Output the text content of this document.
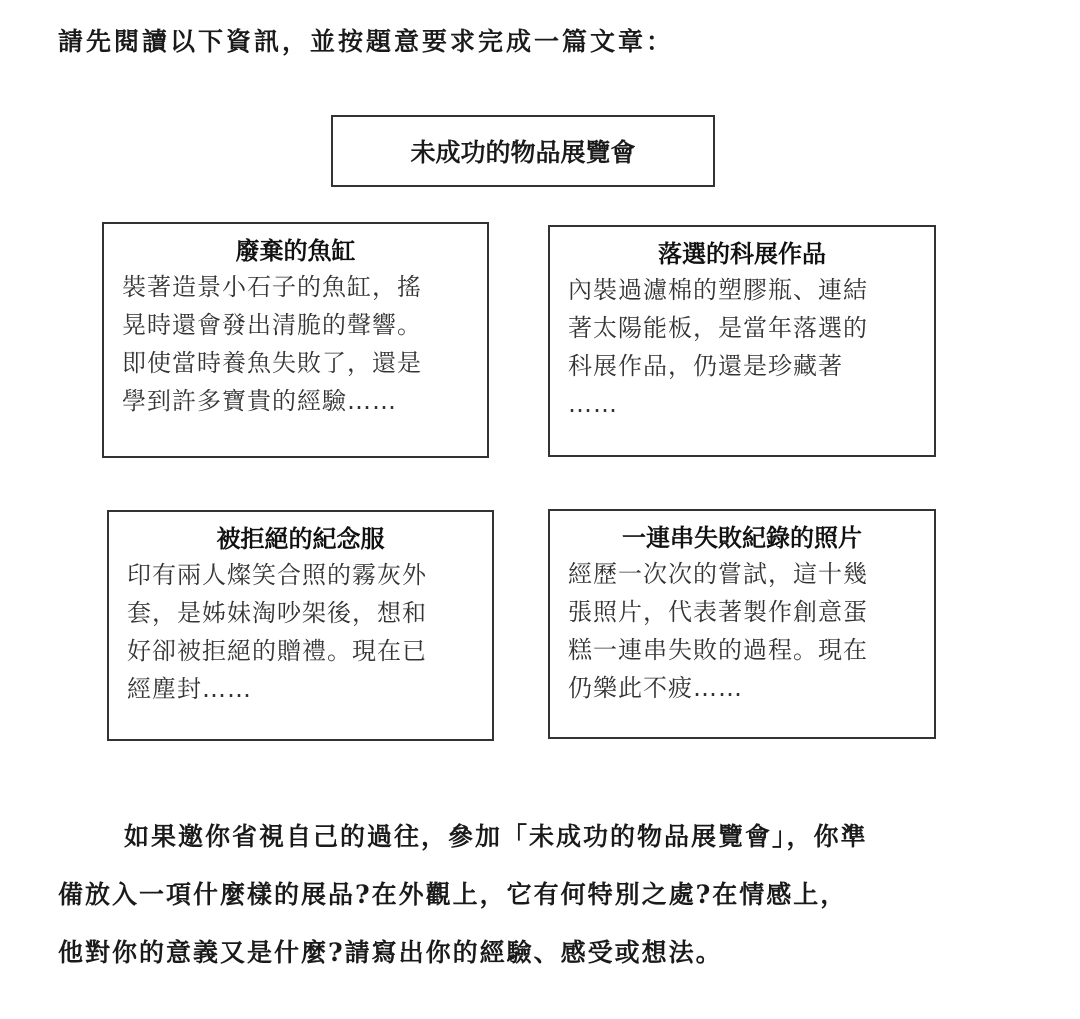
請先閱讀以下資訊，並按題意要求完成一篇文章：
未成功的物品展覽會
廢棄的魚缸
裝著造景小石子的魚缸，搖
晃時還會發出清脆的聲響。
即使當時養魚失敗了，還是
學到許多寶貴的經驗……
落選的科展作品
內裝過濾棉的塑膠瓶、連結
著太陽能板，是當年落選的
科展作品，仍還是珍藏著
……
被拒絕的紀念服
印有兩人燦笑合照的霧灰外
套，是姊妹淘吵架後，想和
好卻被拒絕的贈禮。現在已
經塵封……
一連串失敗紀錄的照片
經歷一次次的嘗試，這十幾
張照片，代表著製作創意蛋
糕一連串失敗的過程。現在
仍樂此不疲……
如果邀你省視自己的過往，參加「未成功的物品展覽會」，你準
備放入一項什麼樣的展品?在外觀上，它有何特別之處?在情感上，
他對你的意義又是什麼?請寫出你的經驗、感受或想法。
